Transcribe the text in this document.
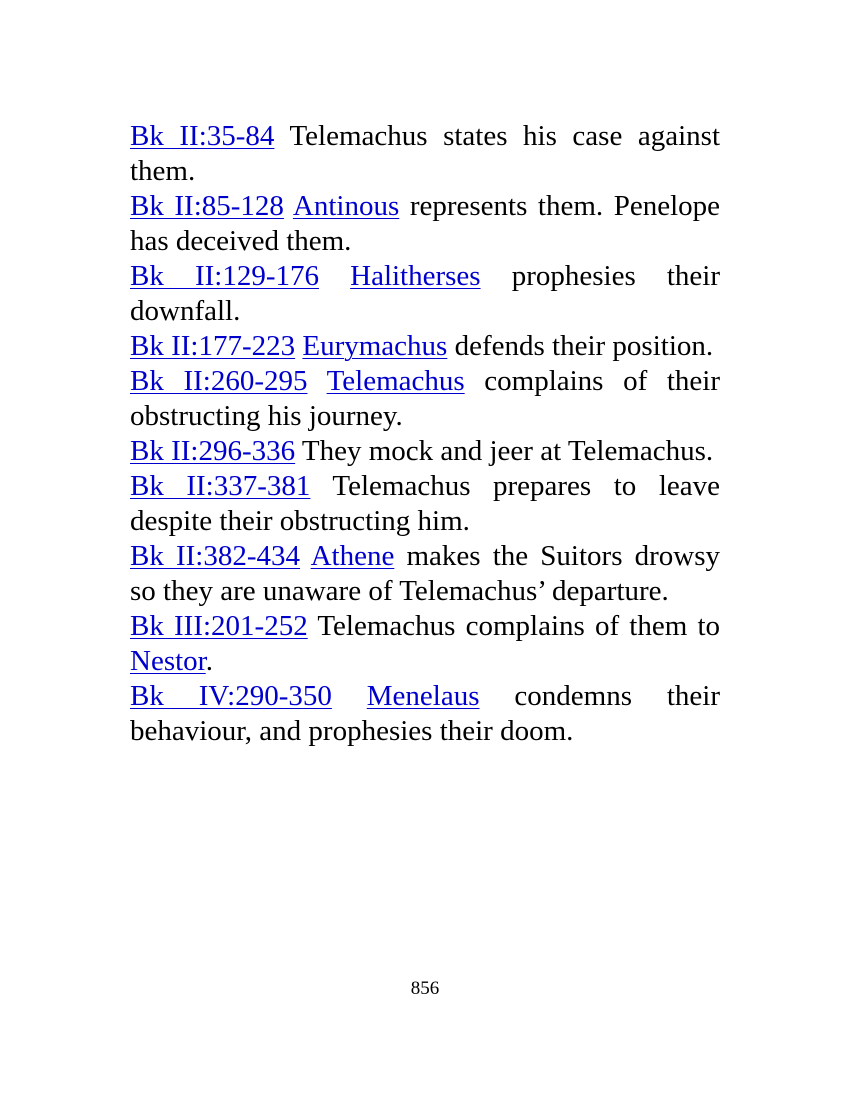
Bk II:35-84 Telemachus states his case against them.

Bk II:85-128 Antinous represents them. Penelope has deceived them.

Bk II:129-176 Halitherses prophesies their downfall.

Bk II:177-223 Eurymachus defends their position.

Bk II:260-295 Telemachus complains of their obstructing his journey.

Bk II:296-336 They mock and jeer at Telemachus.

Bk II:337-381 Telemachus prepares to leave despite their obstructing him.

Bk II:382-434 Athene makes the Suitors drowsy so they are unaware of Telemachus’ departure.

Bk III:201-252 Telemachus complains of them to Nestor.

Bk IV:290-350 Menelaus condemns their behaviour, and prophesies their doom.

856
